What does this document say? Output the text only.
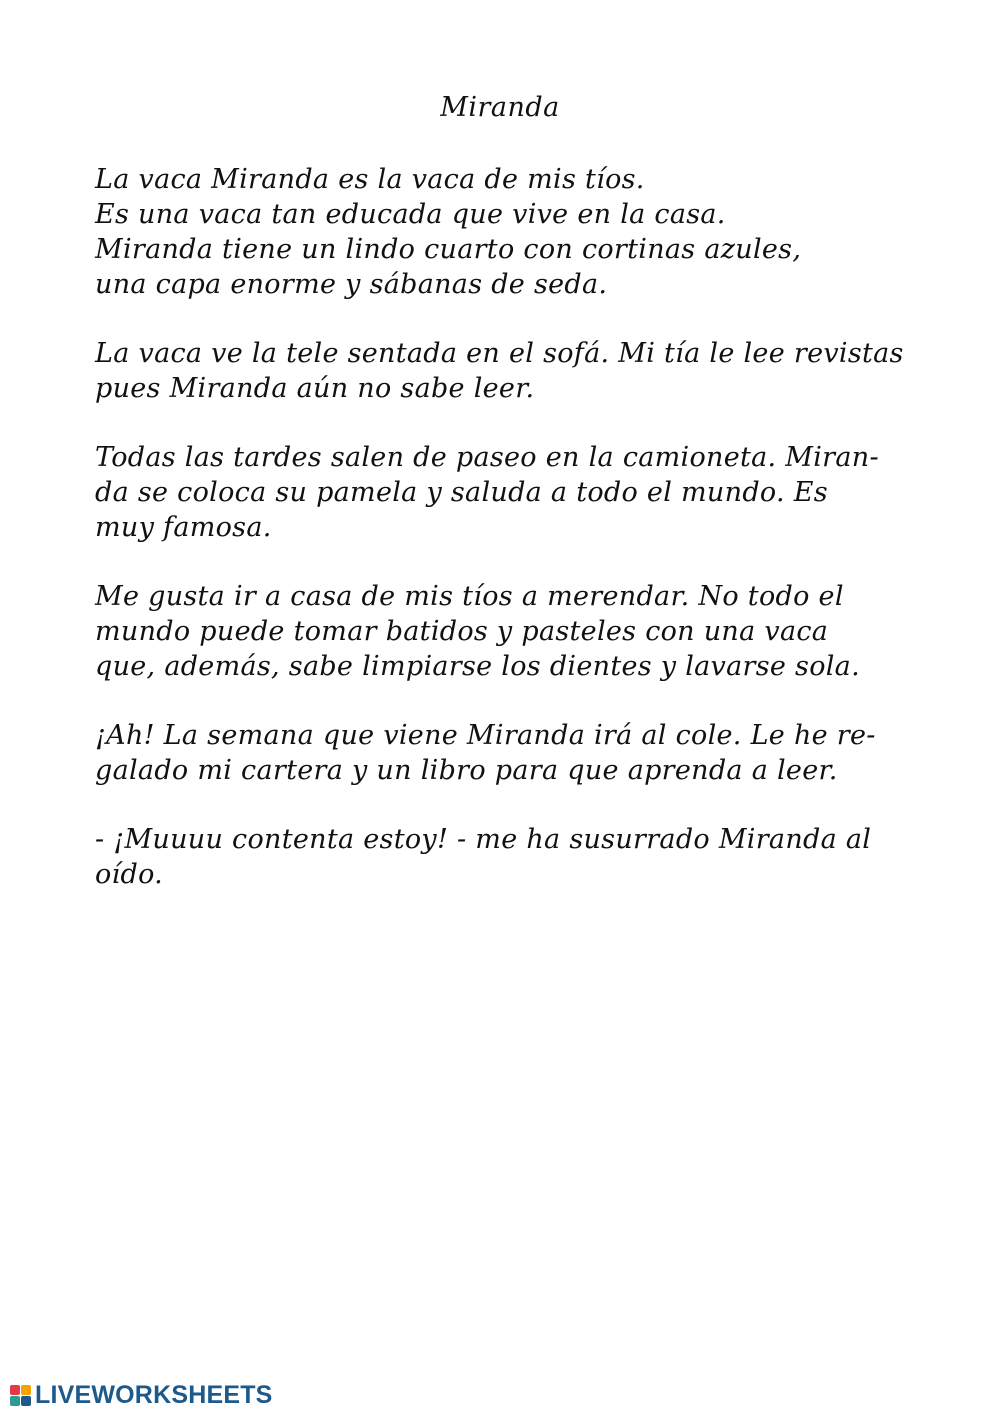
Miranda
La vaca Miranda es la vaca de mis tíos.
Es una vaca tan educada que vive en la casa.
Miranda tiene un lindo cuarto con cortinas azules,
una capa enorme y sábanas de seda.
La vaca ve la tele sentada en el sofá. Mi tía le lee revistas
pues Miranda aún no sabe leer.
Todas las tardes salen de paseo en la camioneta. Miran-
da se coloca su pamela y saluda a todo el mundo. Es
muy famosa.
Me gusta ir a casa de mis tíos a merendar. No todo el
mundo puede tomar batidos y pasteles con una vaca
que, además, sabe limpiarse los dientes y lavarse sola.
¡Ah! La semana que viene Miranda irá al cole. Le he re-
galado mi cartera y un libro para que aprenda a leer.
- ¡Muuuu contenta estoy! - me ha susurrado Miranda al
oído.
LIVEWORKSHEETS
